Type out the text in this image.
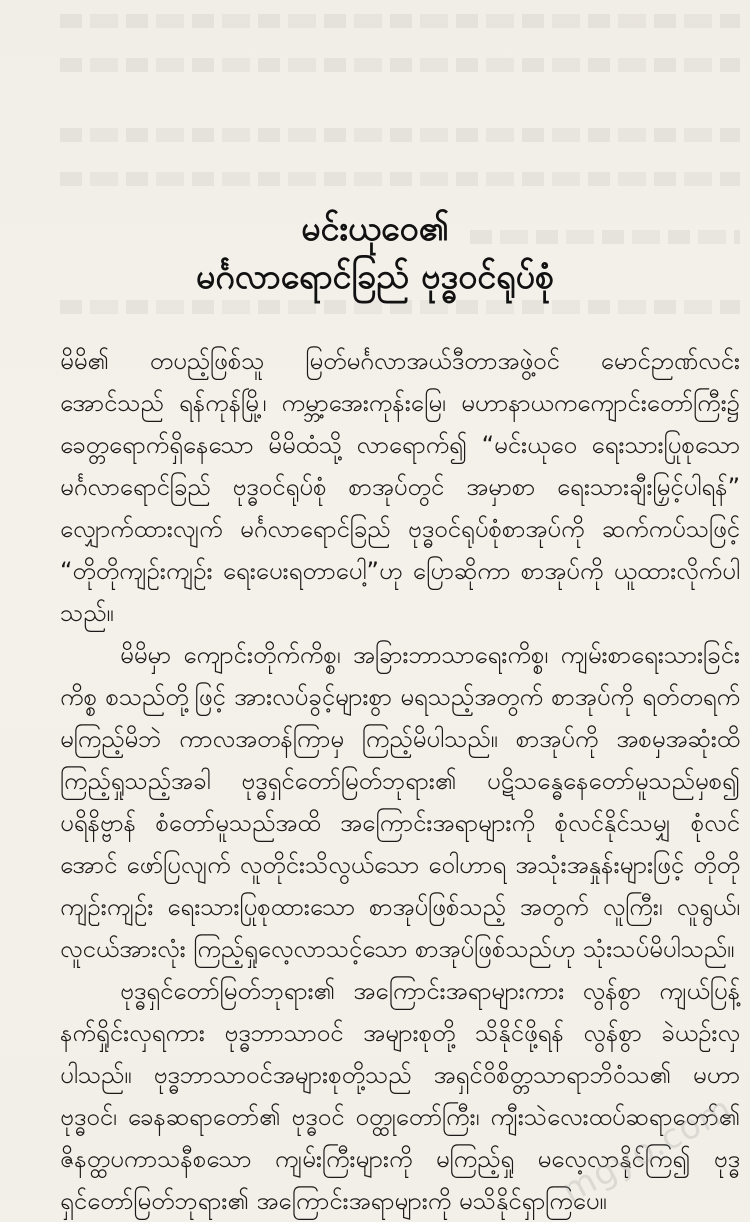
မင်းယုဝေ၏
မင်္ဂလာရောင်ခြည် ဗုဒ္ဓဝင်ရုပ်စုံ

မိမိ၏ တပည့်ဖြစ်သူ မြတ်မင်္ဂလာအယ်ဒီတာအဖွဲ့ဝင် မောင်ဉာဏ်လင်းအောင်သည် ရန်ကုန်မြို့၊ ကမ္ဘာ့အေးကုန်းမြေ၊ မဟာနာယကကျောင်းတော်ကြီး၌ ခေတ္တရောက်ရှိနေသော မိမိထံသို့ လာရောက်၍ “မင်းယုဝေ ရေးသားပြုစုသော မင်္ဂလာရောင်ခြည် ဗုဒ္ဓဝင်ရုပ်စုံ စာအုပ်တွင် အမှာစာ ရေးသားချီးမြှင့်ပါရန်” လျှောက်ထားလျက် မင်္ဂလာရောင်ခြည် ဗုဒ္ဓဝင်ရုပ်စုံစာအုပ်ကို ဆက်ကပ်သဖြင့် “တိုတိုကျဉ်းကျဉ်း ရေးပေးရတာပေါ့”ဟု ပြောဆိုကာ စာအုပ်ကို ယူထားလိုက်ပါသည်။

မိမိမှာ ကျောင်းတိုက်ကိစ္စ၊ အခြားဘာသာရေးကိစ္စ၊ ကျမ်းစာရေးသားခြင်း ကိစ္စ စသည်တို့ဖြင့် အားလပ်ခွင့်များစွာ မရသည့်အတွက် စာအုပ်ကို ရတ်တရက် မကြည့်မိဘဲ ကာလအတန်ကြာမှ ကြည့်မိပါသည်။ စာအုပ်ကို အစမှအဆုံးထိ ကြည့်ရှုသည့်အခါ ဗုဒ္ဓရှင်တော်မြတ်ဘုရား၏ ပဋိသန္ဓေနေတော်မူသည်မှစ၍ ပရိနိဗ္ဗာန် စံတော်မူသည်အထိ အကြောင်းအရာများကို စုံလင်နိုင်သမျှ စုံလင်အောင် ဖော်ပြလျက် လူတိုင်းသိလွယ်သော ဝေါဟာရ အသုံးအနှုန်းများဖြင့် တိုတိုကျဉ်းကျဉ်း ရေးသားပြုစုထားသော စာအုပ်ဖြစ်သည့် အတွက် လူကြီး၊ လူရွယ်၊ လူငယ်အားလုံး ကြည့်ရှုလေ့လာသင့်သော စာအုပ်ဖြစ်သည်ဟု သုံးသပ်မိပါသည်။

ဗုဒ္ဓရှင်တော်မြတ်ဘုရား၏ အကြောင်းအရာများကား လွန်စွာ ကျယ်ပြန့်နက်ရှိုင်းလှရကား ဗုဒ္ဓဘာသာဝင် အများစုတို့ သိနိုင်ဖို့ရန် လွန်စွာ ခဲယဉ်းလှပါသည်။ ဗုဒ္ဓဘာသာဝင်အများစုတို့သည် အရှင်ဝိစိတ္တသာရာဘိဝံသ၏ မဟာဗုဒ္ဓဝင်၊ ခေနဆရာတော်၏ ဗုဒ္ဓဝင် ဝတ္ထုတော်ကြီး၊ ကျီးသဲလေးထပ်ဆရာတော်၏ ဇိနတ္ထပကာသနီစသော ကျမ်းကြီးများကို မကြည့်ရှု မလေ့လာနိုင်ကြ၍ ဗုဒ္ဓရှင်တော်မြတ်ဘုရား၏ အကြောင်းအရာများကို မသိနိုင်ရှာကြပေ။

mgyo.com
